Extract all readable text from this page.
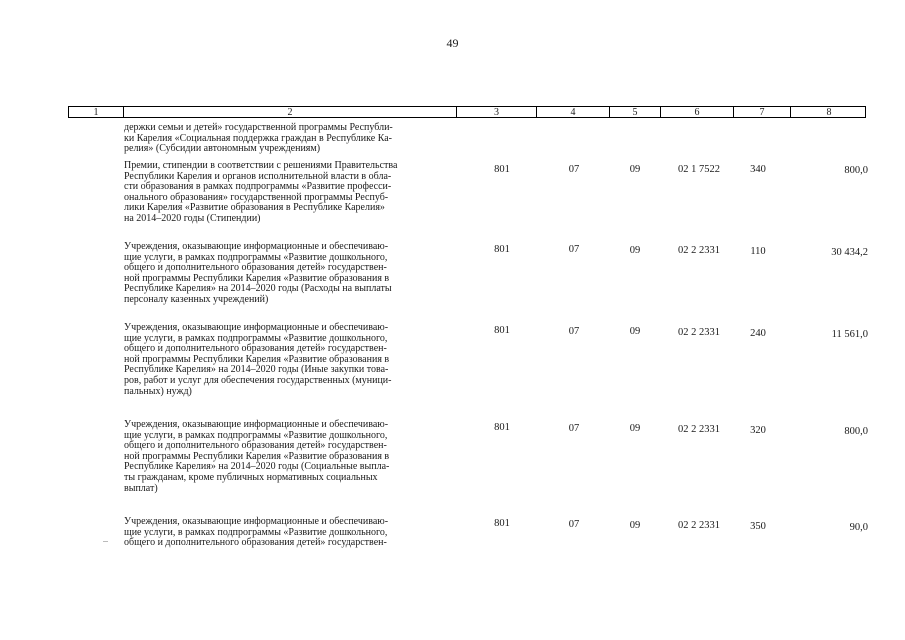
49
1	2	3	4	5	6	7	8
держки семьи и детей» государственной программы Республи-
ки Карелия «Социальная поддержка граждан в Республике Ка-
релия» (Субсидии автономным учреждениям)
Премии, стипендии в соответствии с решениями Правительства
Республики Карелия и органов исполнительной власти в обла-
сти образования в рамках подпрограммы «Развитие професси-
онального образования» государственной программы Респуб-
лики Карелия «Развитие образования в Республике Карелия»
на 2014–2020 годы (Стипендии)
801	07	09	02 1 7522	340	800,0
Учреждения, оказывающие информационные и обеспечиваю-
щие услуги, в рамках подпрограммы «Развитие дошкольного,
общего и дополнительного образования детей» государствен-
ной программы Республики Карелия «Развитие образования в
Республике Карелия» на 2014–2020 годы (Расходы на выплаты
персоналу казенных учреждений)
801	07	09	02 2 2331	110	30 434,2
Учреждения, оказывающие информационные и обеспечиваю-
щие услуги, в рамках подпрограммы «Развитие дошкольного,
общего и дополнительного образования детей» государствен-
ной программы Республики Карелия «Развитие образования в
Республике Карелия» на 2014–2020 годы (Иные закупки това-
ров, работ и услуг для обеспечения государственных (муници-
пальных) нужд)
801	07	09	02 2 2331	240	11 561,0
Учреждения, оказывающие информационные и обеспечиваю-
щие услуги, в рамках подпрограммы «Развитие дошкольного,
общего и дополнительного образования детей» государствен-
ной программы Республики Карелия «Развитие образования в
Республике Карелия» на 2014–2020 годы (Социальные выпла-
ты гражданам, кроме публичных нормативных социальных
выплат)
801	07	09	02 2 2331	320	800,0
Учреждения, оказывающие информационные и обеспечиваю-
щие услуги, в рамках подпрограммы «Развитие дошкольного,
общего и дополнительного образования детей» государствен-
801	07	09	02 2 2331	350	90,0
